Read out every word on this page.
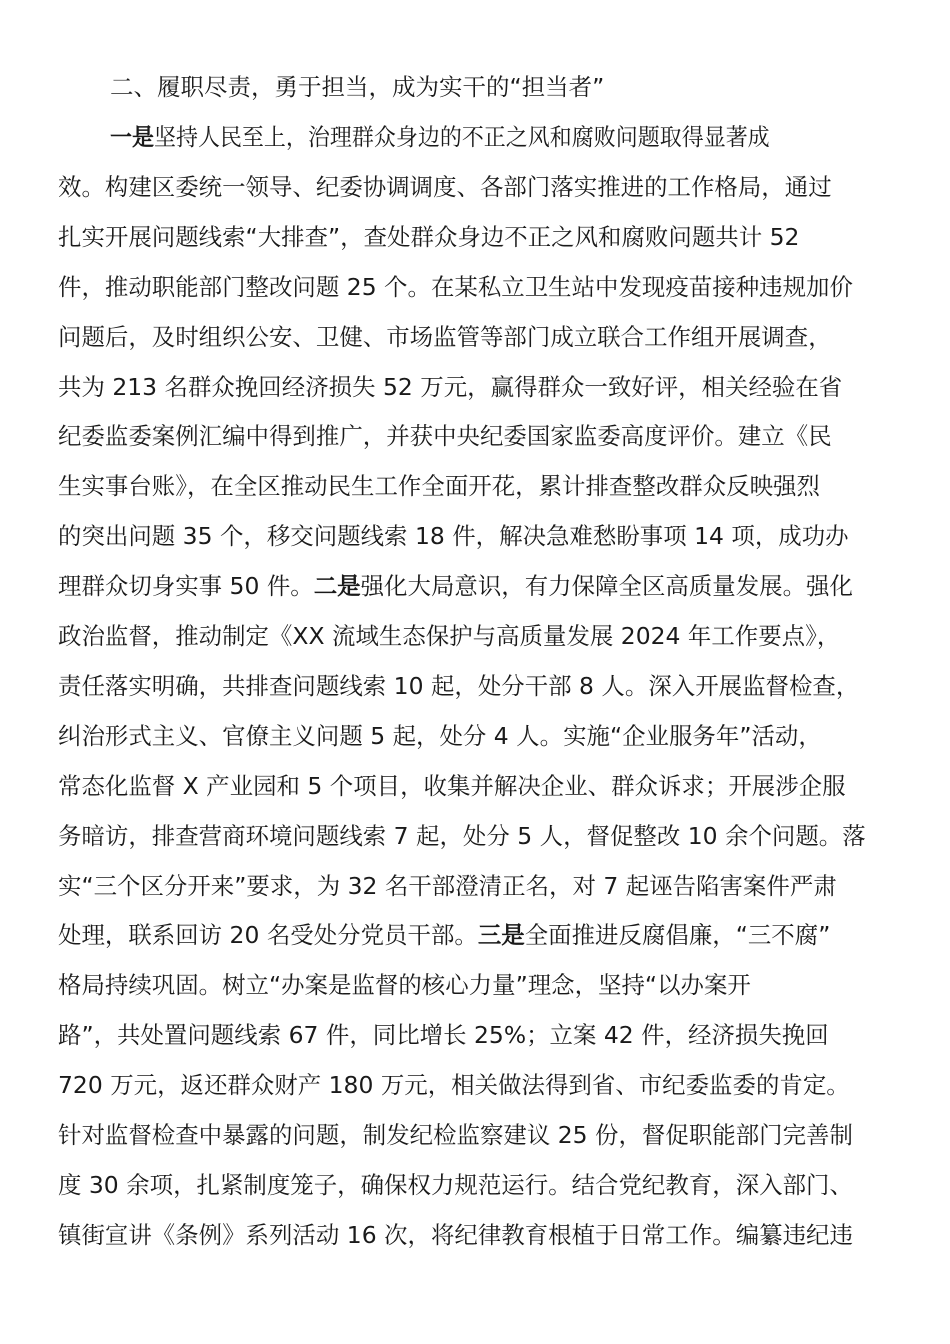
二、履职尽责，勇于担当，成为实干的“担当者”
一是坚持人民至上，治理群众身边的不正之风和腐败问题取得显著成
效。构建区委统一领导、纪委协调调度、各部门落实推进的工作格局，通过
扎实开展问题线索“大排查”，查处群众身边不正之风和腐败问题共计 52
件，推动职能部门整改问题 25 个。在某私立卫生站中发现疫苗接种违规加价
问题后，及时组织公安、卫健、市场监管等部门成立联合工作组开展调查，
共为 213 名群众挽回经济损失 52 万元，赢得群众一致好评，相关经验在省
纪委监委案例汇编中得到推广，并获中央纪委国家监委高度评价。建立《民
生实事台账》，在全区推动民生工作全面开花，累计排查整改群众反映强烈
的突出问题 35 个，移交问题线索 18 件，解决急难愁盼事项 14 项，成功办
理群众切身实事 50 件。二是强化大局意识，有力保障全区高质量发展。强化
政治监督，推动制定《XX 流域生态保护与高质量发展 2024 年工作要点》，
责任落实明确，共排查问题线索 10 起，处分干部 8 人。深入开展监督检查，
纠治形式主义、官僚主义问题 5 起，处分 4 人。实施“企业服务年”活动，
常态化监督 X 产业园和 5 个项目，收集并解决企业、群众诉求；开展涉企服
务暗访，排查营商环境问题线索 7 起，处分 5 人，督促整改 10 余个问题。落
实“三个区分开来”要求，为 32 名干部澄清正名，对 7 起诬告陷害案件严肃
处理，联系回访 20 名受处分党员干部。三是全面推进反腐倡廉，“三不腐”
格局持续巩固。树立“办案是监督的核心力量”理念，坚持“以办案开
路”，共处置问题线索 67 件，同比增长 25%；立案 42 件，经济损失挽回
720 万元，返还群众财产 180 万元，相关做法得到省、市纪委监委的肯定。
针对监督检查中暴露的问题，制发纪检监察建议 25 份，督促职能部门完善制
度 30 余项，扎紧制度笼子，确保权力规范运行。结合党纪教育，深入部门、
镇街宣讲《条例》系列活动 16 次，将纪律教育根植于日常工作。编纂违纪违
